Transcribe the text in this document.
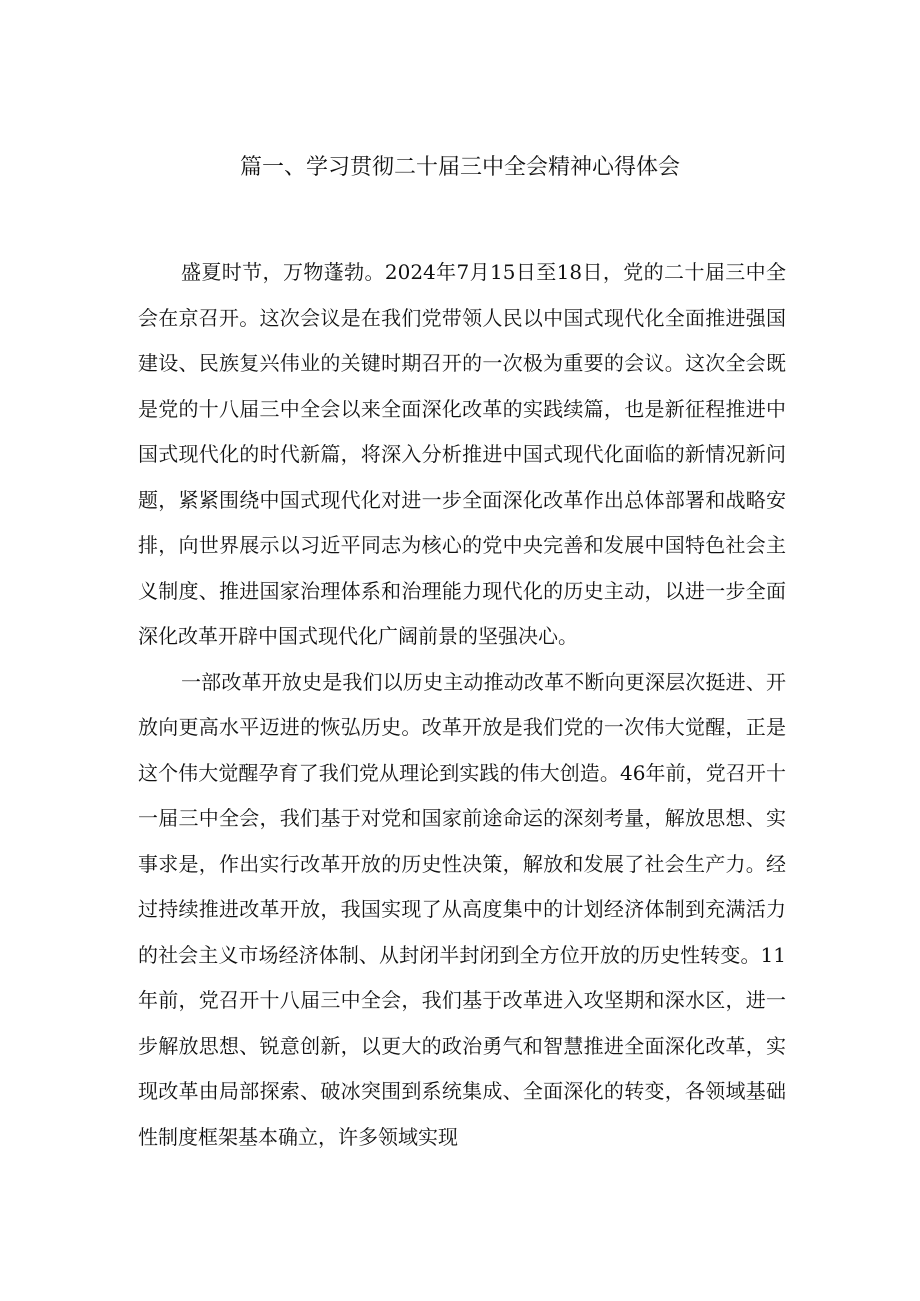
篇一、学习贯彻二十届三中全会精神心得体会

盛夏时节，万物蓬勃。2024年7月15日至18日，党的二十届三中全会在京召开。这次会议是在我们党带领人民以中国式现代化全面推进强国建设、民族复兴伟业的关键时期召开的一次极为重要的会议。这次全会既是党的十八届三中全会以来全面深化改革的实践续篇，也是新征程推进中国式现代化的时代新篇，将深入分析推进中国式现代化面临的新情况新问题，紧紧围绕中国式现代化对进一步全面深化改革作出总体部署和战略安排，向世界展示以习近平同志为核心的党中央完善和发展中国特色社会主义制度、推进国家治理体系和治理能力现代化的历史主动，以进一步全面深化改革开辟中国式现代化广阔前景的坚强决心。

一部改革开放史是我们以历史主动推动改革不断向更深层次挺进、开放向更高水平迈进的恢弘历史。改革开放是我们党的一次伟大觉醒，正是这个伟大觉醒孕育了我们党从理论到实践的伟大创造。46年前，党召开十一届三中全会，我们基于对党和国家前途命运的深刻考量，解放思想、实事求是，作出实行改革开放的历史性决策，解放和发展了社会生产力。经过持续推进改革开放，我国实现了从高度集中的计划经济体制到充满活力的社会主义市场经济体制、从封闭半封闭到全方位开放的历史性转变。11年前，党召开十八届三中全会，我们基于改革进入攻坚期和深水区，进一步解放思想、锐意创新，以更大的政治勇气和智慧推进全面深化改革，实现改革由局部探索、破冰突围到系统集成、全面深化的转变，各领域基础性制度框架基本确立，许多领域实现
